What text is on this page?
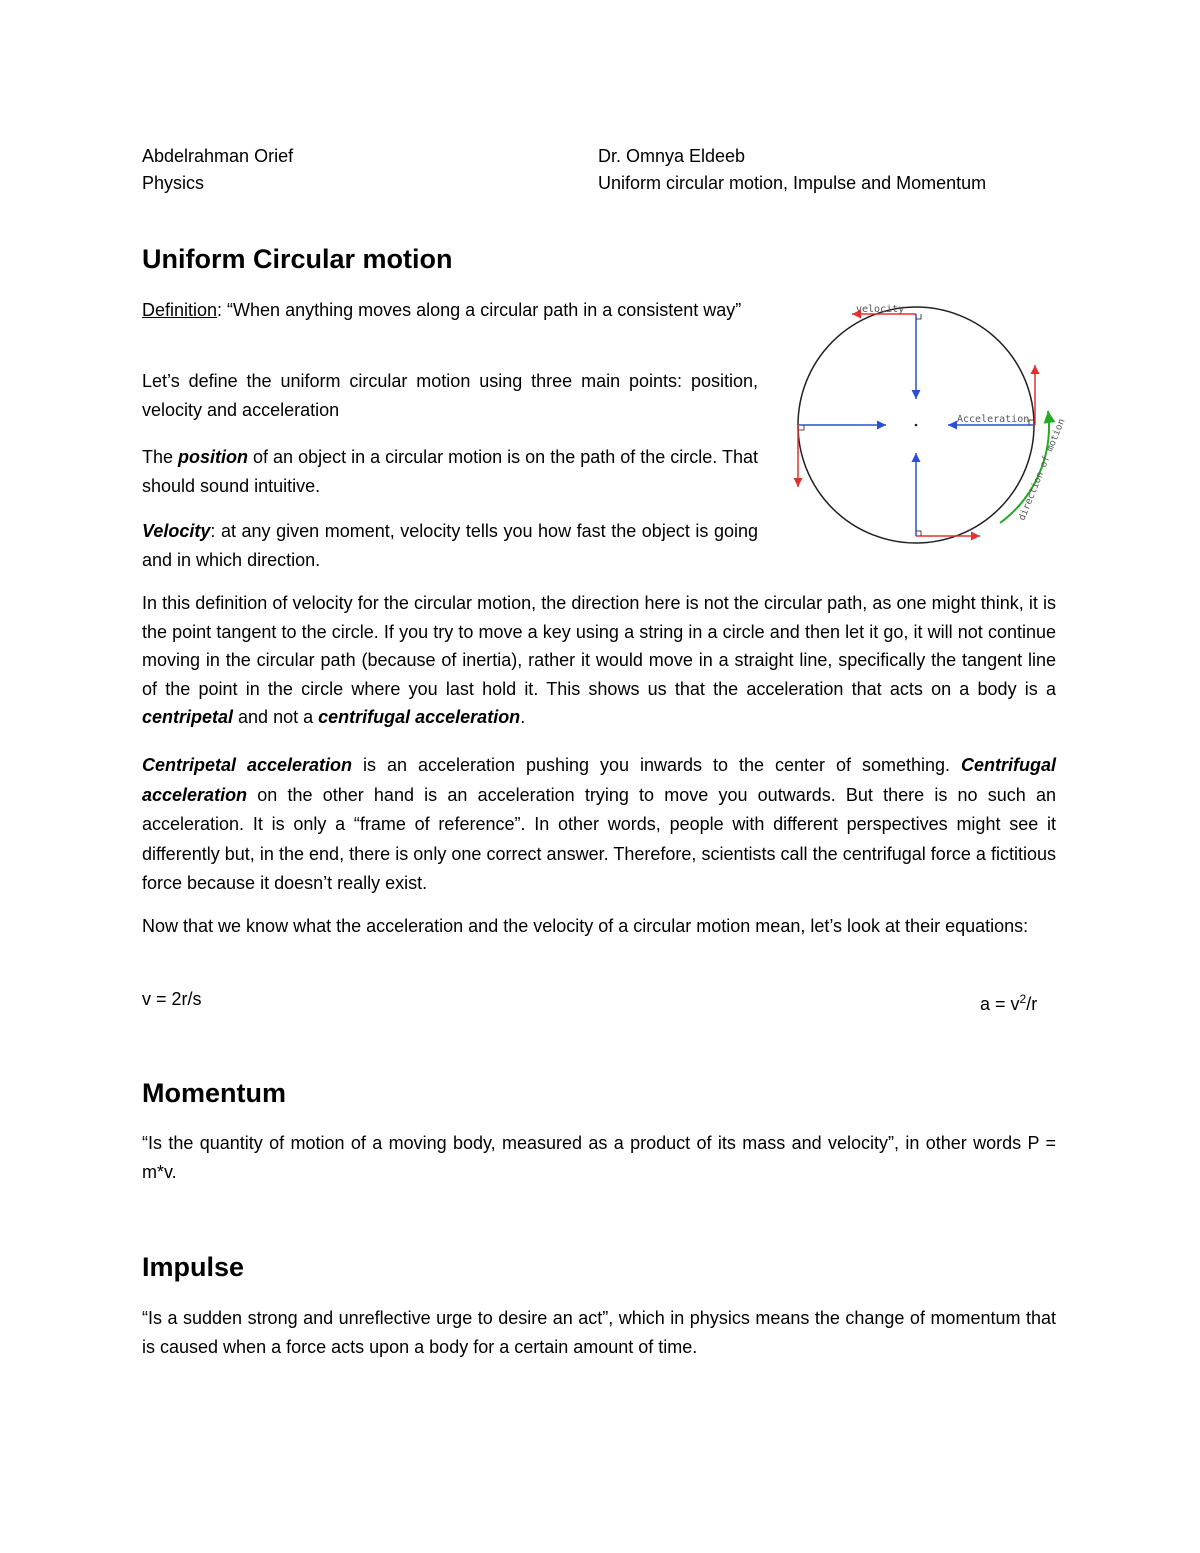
Abdelrahman Orief
Physics
Dr. Omnya Eldeeb
Uniform circular motion, Impulse and Momentum
Uniform Circular motion
Definition: “When anything moves along a circular path in a consistent way”
Let’s define the uniform circular motion using three main points: position, velocity and acceleration
The position of an object in a circular motion is on the path of the circle. That should sound intuitive.
Velocity: at any given moment, velocity tells you how fast the object is going and in which direction.
In this definition of velocity for the circular motion, the direction here is not the circular path, as one might think, it is the point tangent to the circle. If you try to move a key using a string in a circle and then let it go, it will not continue moving in the circular path (because of inertia), rather it would move in a straight line, specifically the tangent line of the point in the circle where you last hold it. This shows us that the acceleration that acts on a body is a centripetal and not a centrifugal acceleration.
Centripetal acceleration is an acceleration pushing you inwards to the center of something. Centrifugal acceleration on the other hand is an acceleration trying to move you outwards. But there is no such an acceleration. It is only a “frame of reference”. In other words, people with different perspectives might see it differently but, in the end, there is only one correct answer. Therefore, scientists call the centrifugal force a fictitious force because it doesn’t really exist.
Now that we know what the acceleration and the velocity of a circular motion mean, let’s look at their equations:
v = 2r/s	$a = v^2/r$
Momentum
“Is the quantity of motion of a moving body, measured as a product of its mass and velocity”, in other words P = m*v.
Impulse
“Is a sudden strong and unreflective urge to desire an act”, which in physics means the change of momentum that is caused when a force acts upon a body for a certain amount of time.
velocity
Acceleration
direction of motion
